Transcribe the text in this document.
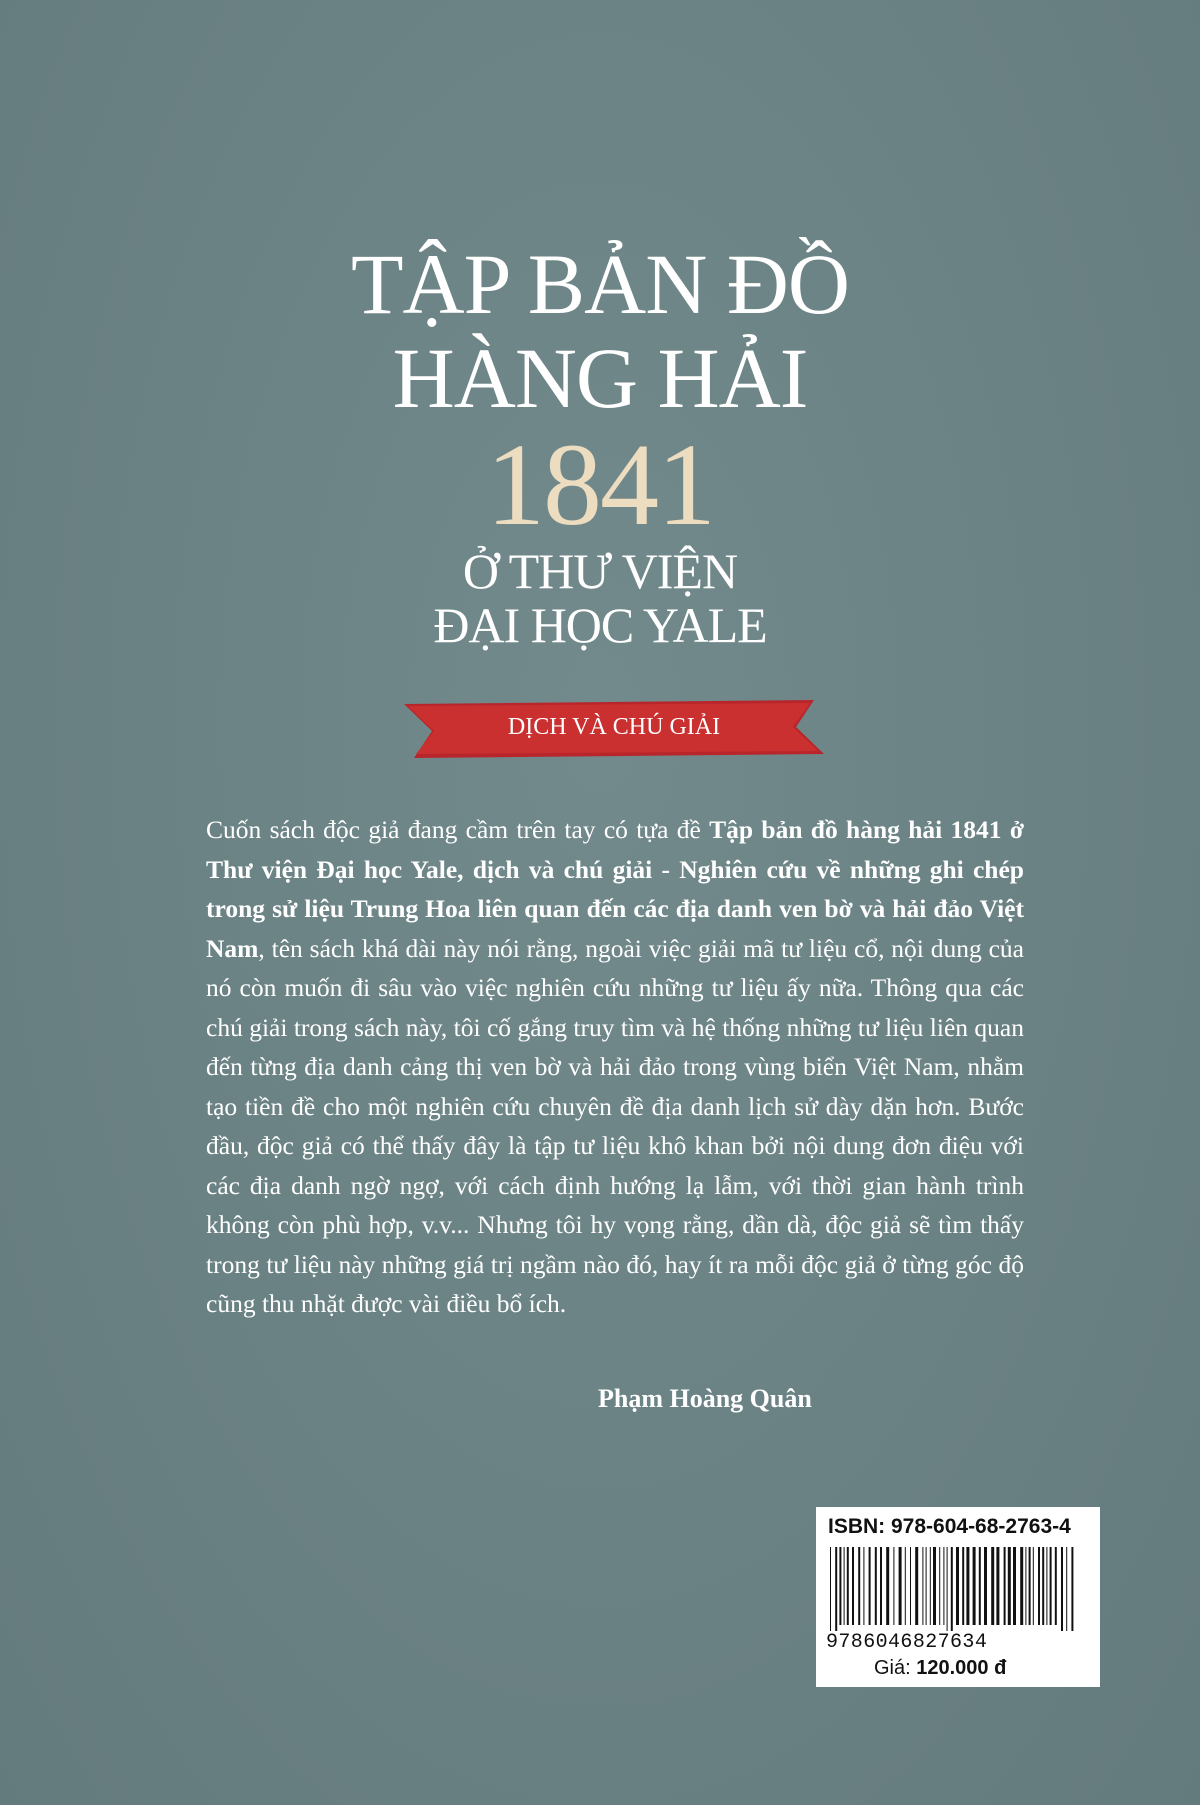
TẬP BẢN ĐỒ
HÀNG HẢI
1841
Ở THƯ VIỆN
ĐẠI HỌC YALE
DỊCH VÀ CHÚ GIẢI
Cuốn sách độc giả đang cầm trên tay có tựa đề Tập bản đồ hàng hải 1841 ở Thư viện Đại học Yale, dịch và chú giải - Nghiên cứu về những ghi chép trong sử liệu Trung Hoa liên quan đến các địa danh ven bờ và hải đảo Việt Nam, tên sách khá dài này nói rằng, ngoài việc giải mã tư liệu cổ, nội dung của nó còn muốn đi sâu vào việc nghiên cứu những tư liệu ấy nữa. Thông qua các chú giải trong sách này, tôi cố gắng truy tìm và hệ thống những tư liệu liên quan đến từng địa danh cảng thị ven bờ và hải đảo trong vùng biển Việt Nam, nhằm tạo tiền đề cho một nghiên cứu chuyên đề địa danh lịch sử dày dặn hơn. Bước đầu, độc giả có thể thấy đây là tập tư liệu khô khan bởi nội dung đơn điệu với các địa danh ngờ ngợ, với cách định hướng lạ lẫm, với thời gian hành trình không còn phù hợp, v.v... Nhưng tôi hy vọng rằng, dần dà, độc giả sẽ tìm thấy trong tư liệu này những giá trị ngầm nào đó, hay ít ra mỗi độc giả ở từng góc độ cũng thu nhặt được vài điều bổ ích.
Phạm Hoàng Quân
ISBN: 978-604-68-2763-4
9786046827634
Giá: 120.000 đ
